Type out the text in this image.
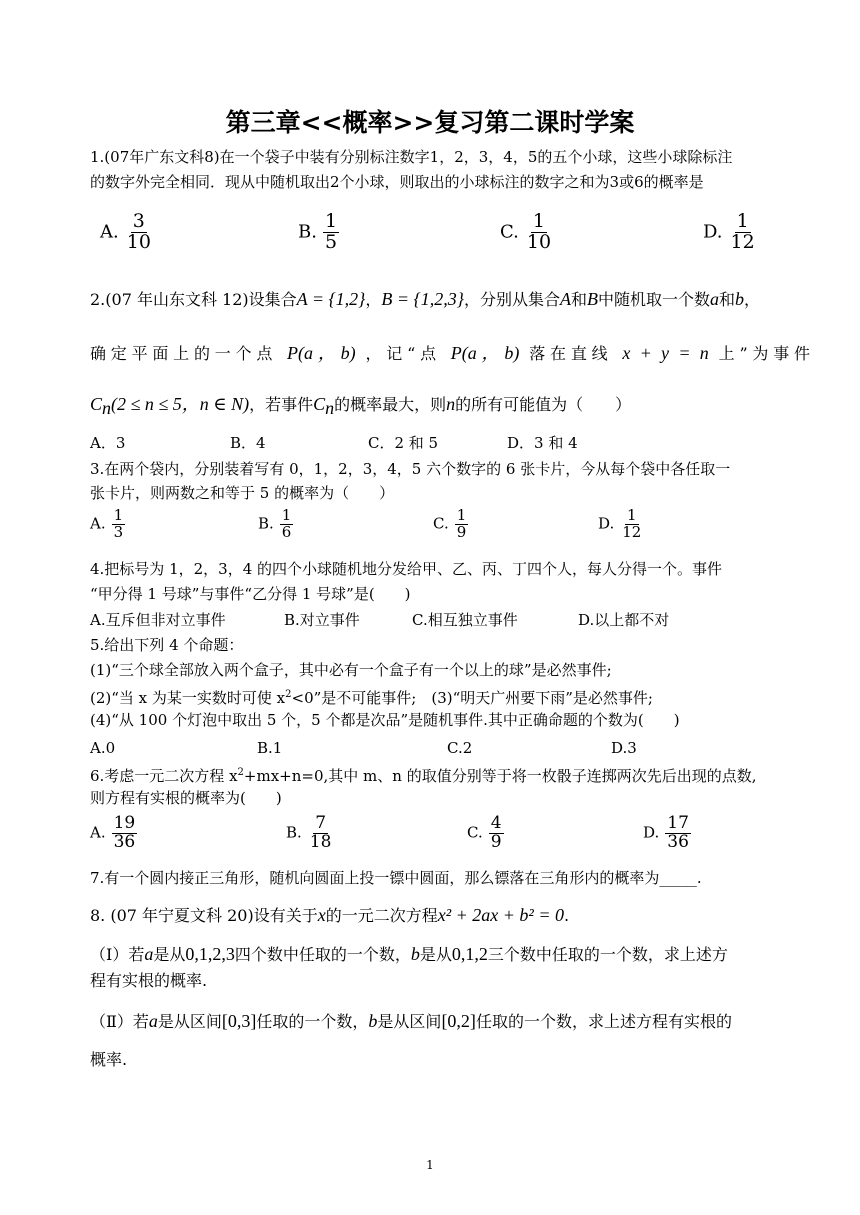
第三章<<概率>>复习第二课时学案
1.(07年广东文科8)在一个袋子中装有分别标注数字1，2，3，4，5的五个小球，这些小球除标注
的数字外完全相同．现从中随机取出2个小球，则取出的小球标注的数字之和为3或6的概率是
A. $\frac{3}{10}$	B. $\frac{1}{5}$	C. $\frac{1}{10}$	D. $\frac{1}{12}$
2.(07 年山东文科 12)设集合A = {1,2}，B = {1,2,3}，分别从集合A和B中随机取一个数a和b，
确定平面上的一个点 P(a，b) ，记“点 P(a，b) 落在直线 x + y = n 上”为事件
$C_n(2 \le n \le 5$，n ∈ N)，若事件$C_n$的概率最大，则n的所有可能值为（　　）
A．3	B．4	C．2 和 5	D．3 和 4
3.在两个袋内，分别装着写有 0，1，2，3，4，5 六个数字的 6 张卡片，今从每个袋中各任取一
张卡片，则两数之和等于 5 的概率为（　　）
A. $\frac{1}{3}$	B. $\frac{1}{6}$	C. $\frac{1}{9}$	D. $\frac{1}{12}$
4.把标号为 1，2，3，4 的四个小球随机地分发给甲、乙、丙、丁四个人，每人分得一个。事件
“甲分得 1 号球”与事件“乙分得 1 号球”是(　　)
A.互斥但非对立事件	B.对立事件	C.相互独立事件	D.以上都不对
5.给出下列 4 个命题：
(1)“三个球全部放入两个盒子，其中必有一个盒子有一个以上的球”是必然事件;
(2)“当 x 为某一实数时可使 $x^2<0$”是不可能事件;　(3)“明天广州要下雨”是必然事件;
(4)“从 100 个灯泡中取出 5 个，5 个都是次品”是随机事件.其中正确命题的个数为(　　)
A.0	B.1	C.2	D.3
6.考虑一元二次方程 $x^2+mx+n=0$,其中 m、n 的取值分别等于将一枚骰子连掷两次先后出现的点数,
则方程有实根的概率为(　　)
A. $\frac{19}{36}$	B. $\frac{7}{18}$	C. $\frac{4}{9}$	D. $\frac{17}{36}$
7.有一个圆内接正三角形，随机向圆面上投一镖中圆面，那么镖落在三角形内的概率为_____.
8. (07 年宁夏文科 20)设有关于x的一元二次方程x² + 2ax + b² = 0.
（Ⅰ）若a是从0,1,2,3四个数中任取的一个数，b是从0,1,2三个数中任取的一个数，求上述方
程有实根的概率.
（Ⅱ）若a是从区间[0,3]任取的一个数，b是从区间[0,2]任取的一个数，求上述方程有实根的
概率.
1
